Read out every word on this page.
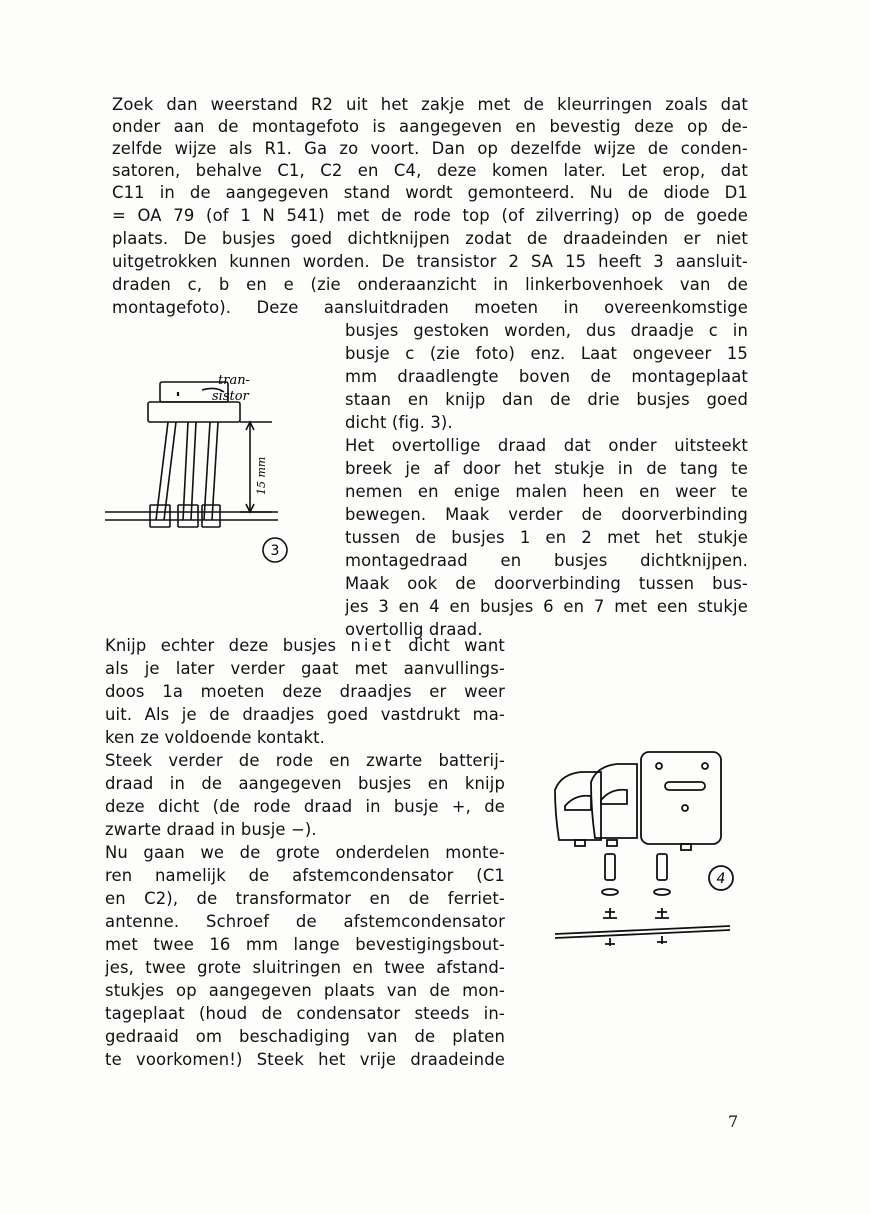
Zoek dan weerstand R2 uit het zakje met de kleurringen zoals dat

onder aan de montagefoto is aangegeven en bevestig deze op de-

zelfde wijze als R1. Ga zo voort. Dan op dezelfde wijze de conden-

satoren, behalve C1, C2 en C4, deze komen later. Let erop, dat

C11 in de aangegeven stand wordt gemonteerd. Nu de diode D1

= OA 79 (of 1 N 541) met de rode top (of zilverring) op de goede

plaats. De busjes goed dichtknijpen zodat de draadeinden er niet

uitgetrokken kunnen worden. De transistor 2 SA 15 heeft 3 aansluit-

draden c, b en e (zie onderaanzicht in linkerbovenhoek van de

montagefoto). Deze aansluitdraden moeten in overeenkomstige

busjes gestoken worden, dus draadje c in

busje c (zie foto) enz. Laat ongeveer 15

mm draadlengte boven de montageplaat

staan en knijp dan de drie busjes goed

dicht (fig. 3).

Het overtollige draad dat onder uitsteekt

breek je af door het stukje in de tang te

nemen en enige malen heen en weer te

bewegen. Maak verder de doorverbinding

tussen de busjes 1 en 2 met het stukje

montagedraad en busjes dichtknijpen.

Maak ook de doorverbinding tussen bus-

jes 3 en 4 en busjes 6 en 7 met een stukje

overtollig draad.

tran-
sistor
15 mm
3

Knijp echter deze busjes niet dicht want

als je later verder gaat met aanvullings-

doos 1a moeten deze draadjes er weer

uit. Als je de draadjes goed vastdrukt ma-

ken ze voldoende kontakt.

Steek verder de rode en zwarte batterij-

draad in de aangegeven busjes en knijp

deze dicht (de rode draad in busje +, de

zwarte draad in busje −).

Nu gaan we de grote onderdelen monte-

ren namelijk de afstemcondensator (C1

en C2), de transformator en de ferriet-

antenne. Schroef de afstemcondensator

met twee 16 mm lange bevestigingsbout-

jes, twee grote sluitringen en twee afstand-

stukjes op aangegeven plaats van de mon-

tageplaat (houd de condensator steeds in-

gedraaid om beschadiging van de platen

te voorkomen!) Steek het vrije draadeinde

4
7
